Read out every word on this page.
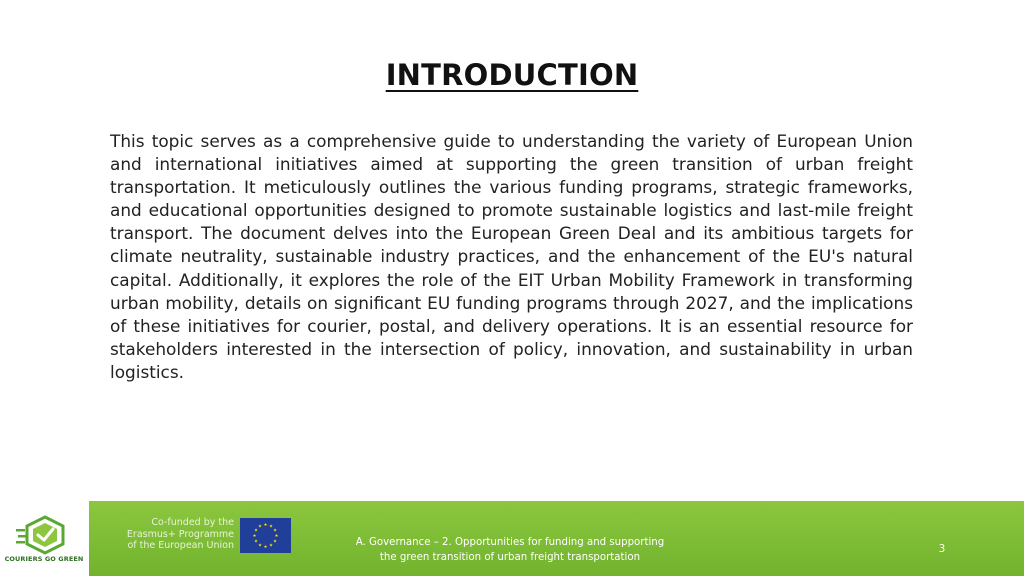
INTRODUCTION

This topic serves as a comprehensive guide to understanding the variety of European Union and international initiatives aimed at supporting the green transition of urban freight transportation. It meticulously outlines the various funding programs, strategic frameworks, and educational opportunities designed to promote sustainable logistics and last-mile freight transport. The document delves into the European Green Deal and its ambitious targets for climate neutrality, sustainable industry practices, and the enhancement of the EU's natural capital. Additionally, it explores the role of the EIT Urban Mobility Framework in transforming urban mobility, details on significant EU funding programs through 2027, and the implications of these initiatives for courier, postal, and delivery operations. It is an essential resource for stakeholders interested in the intersection of policy, innovation, and sustainability in urban logistics.

COURIERS GO GREEN
Co-funded by the
Erasmus+ Programme
of the European Union
★ ★
★
★
★
★
★
★
★
★
★
★
A. Governance – 2. Opportunities for funding and supporting
the green transition of urban freight transportation
3
